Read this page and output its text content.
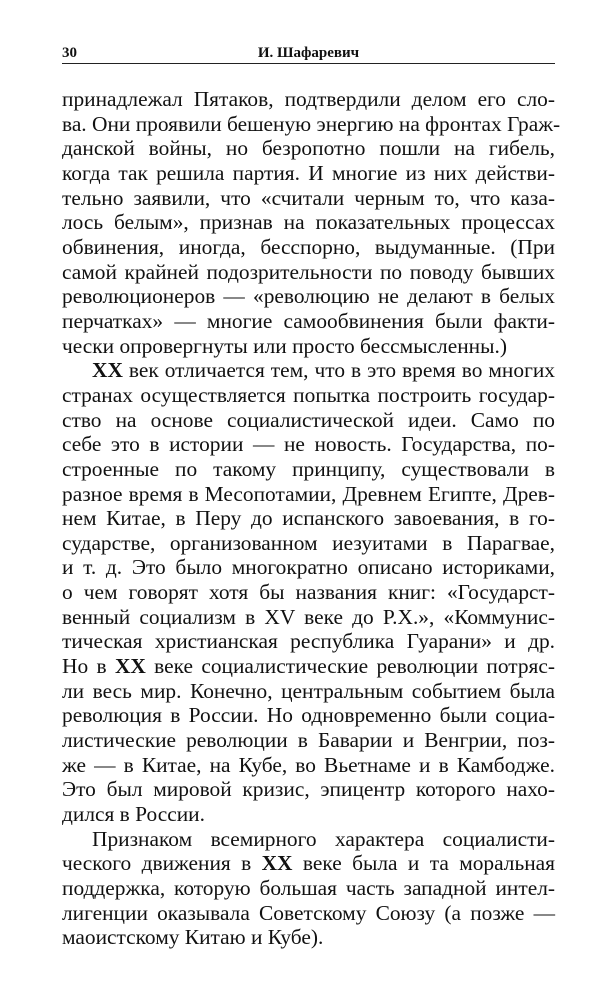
30	И. Шафаревич
принадлежал Пятаков, подтвердили делом его сло-
ва. Они проявили бешеную энергию на фронтах Граж-
данской войны, но безропотно пошли на гибель,
когда так решила партия. И многие из них действи-
тельно заявили, что «считали черным то, что каза-
лось белым», признав на показательных процессах
обвинения, иногда, бесспорно, выдуманные. (При
самой крайней подозрительности по поводу бывших
революционеров — «революцию не делают в белых
перчатках» — многие самообвинения были факти-
чески опровергнуты или просто бессмысленны.)
XX век отличается тем, что в это время во многих
странах осуществляется попытка построить государ-
ство на основе социалистической идеи. Само по
себе это в истории — не новость. Государства, по-
строенные по такому принципу, существовали в
разное время в Месопотамии, Древнем Египте, Древ-
нем Китае, в Перу до испанского завоевания, в го-
сударстве, организованном иезуитами в Парагвае,
и т. д. Это было многократно описано историками,
о чем говорят хотя бы названия книг: «Государст-
венный социализм в XV веке до Р.Х.», «Коммунис-
тическая христианская республика Гуарани» и др.
Но в XX веке социалистические революции потряс-
ли весь мир. Конечно, центральным событием была
революция в России. Но одновременно были социа-
листические революции в Баварии и Венгрии, поз-
же — в Китае, на Кубе, во Вьетнаме и в Камбодже.
Это был мировой кризис, эпицентр которого нахо-
дился в России.
Признаком всемирного характера социалисти-
ческого движения в XX веке была и та моральная
поддержка, которую большая часть западной интел-
лигенции оказывала Советскому Союзу (а позже —
маоистскому Китаю и Кубе).
